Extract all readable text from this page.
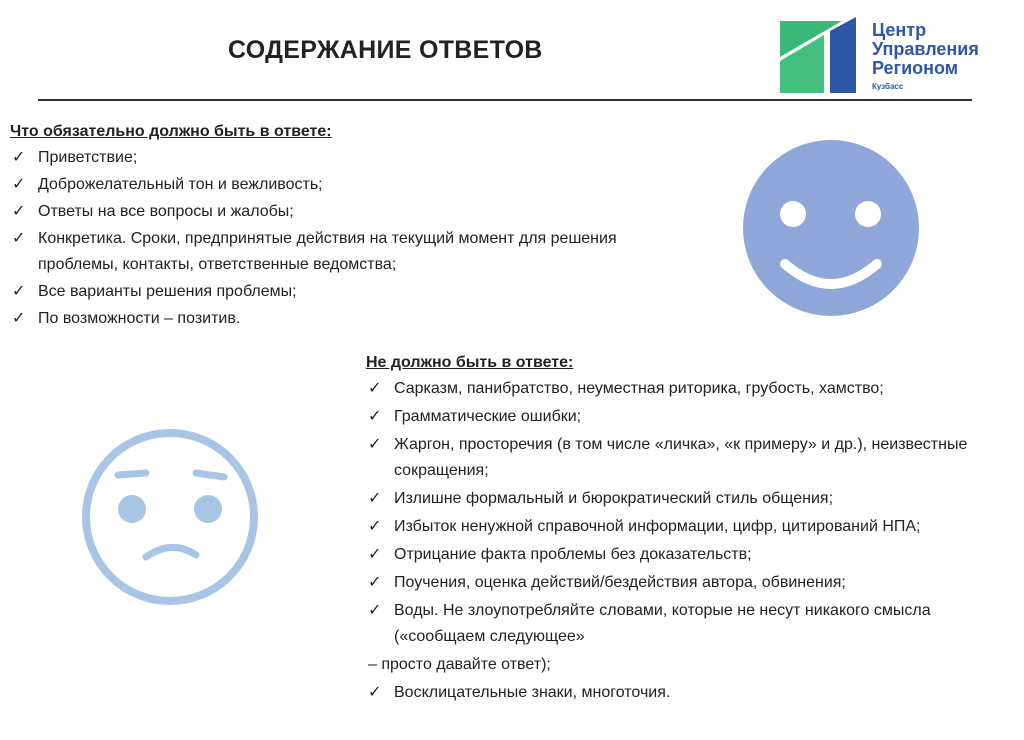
СОДЕРЖАНИЕ ОТВЕТОВ
Центр
Управления
Регионом
Кузбасс
Что обязательно должно быть в ответе:
✓ Приветствие;
✓ Доброжелательный тон и вежливость;
✓ Ответы на все вопросы и жалобы;
✓ Конкретика. Сроки, предпринятые действия на текущий момент для решения проблемы, контакты, ответственные ведомства;
✓ Все варианты решения проблемы;
✓ По возможности – позитив.
Не должно быть в ответе:
✓ Сарказм, панибратство, неуместная риторика, грубость, хамство;
✓ Грамматические ошибки;
✓ Жаргон, просторечия (в том числе «личка», «к примеру» и др.), неизвестные сокращения;
✓ Излишне формальный и бюрократический стиль общения;
✓ Избыток ненужной справочной информации, цифр, цитирований НПА;
✓ Отрицание факта проблемы без доказательств;
✓ Поучения, оценка действий/бездействия автора, обвинения;
✓ Воды. Не злоупотребляйте словами, которые не несут никакого смысла («сообщаем следующее»
– просто давайте ответ);
✓ Восклицательные знаки, многоточия.
